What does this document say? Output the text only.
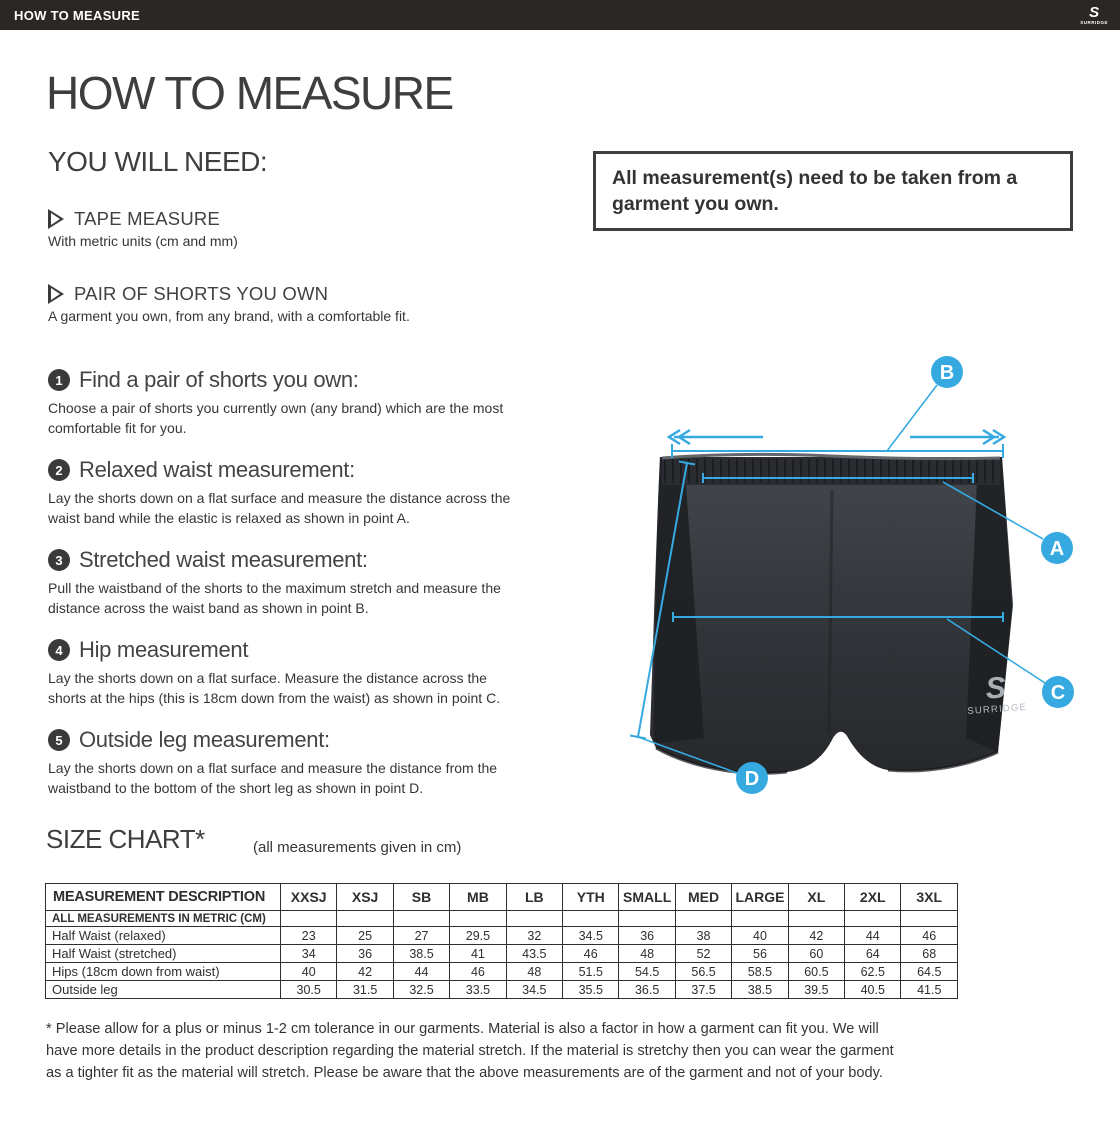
HOW TO MEASURE	S
SURRIDGE
HOW TO MEASURE
YOU WILL NEED:
TAPE MEASURE
With metric units (cm and mm)
PAIR OF SHORTS YOU OWN
A garment you own, from any brand, with a comfortable fit.
All measurement(s) need to be taken from a garment you own.
1 Find a pair of shorts you own:

Choose a pair of shorts you currently own (any brand) which are the most comfortable fit for you.

2 Relaxed waist measurement:

Lay the shorts down on a flat surface and measure the distance across the waist band while the elastic is relaxed as shown in point A.

3 Stretched waist measurement:

Pull the waistband of the shorts to the maximum stretch and measure the distance across the waist band as shown in point B.

4 Hip measurement

Lay the shorts down on a flat surface. Measure the distance across the shorts at the hips (this is 18cm down from the waist) as shown in point C.

5 Outside leg measurement:

Lay the shorts down on a flat surface and measure the distance from the waistband to the bottom of the short leg as shown in point D.

S
SURRIDGE
B
A
C
D
SIZE CHART*	(all measurements given in cm)
MEASUREMENT DESCRIPTION	XXSJ	XSJ	SB	MB	LB	YTH	SMALL	MED	LARGE	XL	2XL	3XL
ALL MEASUREMENTS IN METRIC (CM)												
Half Waist (relaxed)	23	25	27	29.5	32	34.5	36	38	40	42	44	46
Half Waist (stretched)	34	36	38.5	41	43.5	46	48	52	56	60	64	68
Hips (18cm down from waist)	40	42	44	46	48	51.5	54.5	56.5	58.5	60.5	62.5	64.5
Outside leg	30.5	31.5	32.5	33.5	34.5	35.5	36.5	37.5	38.5	39.5	40.5	41.5

* Please allow for a plus or minus 1-2 cm tolerance in our garments. Material is also a factor in how a garment can fit you. We will have more details in the product description regarding the material stretch. If the material is stretchy then you can wear the garment as a tighter fit as the material will stretch. Please be aware that the above measurements are of the garment and not of your body.
